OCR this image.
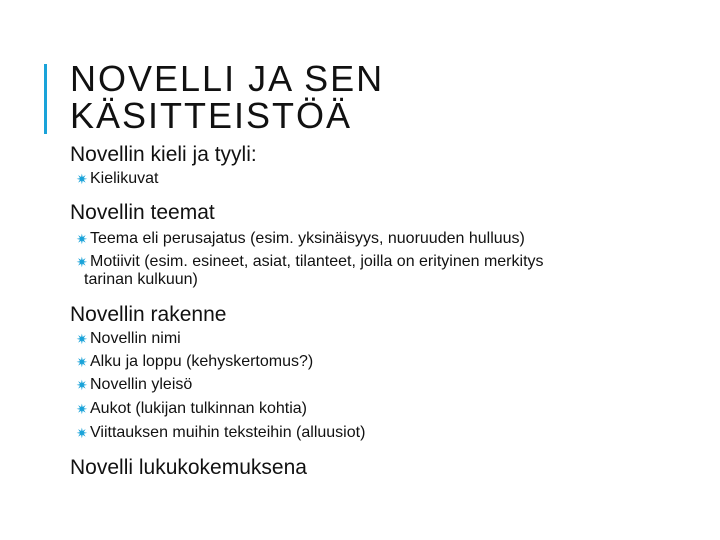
NOVELLI JA SEN
KÄSITTEISTÖÄ
Novellin kieli ja tyyli:
✷ Kielikuvat
Novellin teemat
✷ Teema eli perusajatus (esim. yksinäisyys, nuoruuden hulluus)
✷ Motiivit (esim. esineet, asiat, tilanteet, joilla on erityinen merkitys
tarinan kulkuun)
Novellin rakenne
✷ Novellin nimi
✷ Alku ja loppu (kehyskertomus?)
✷ Novellin yleisö
✷ Aukot (lukijan tulkinnan kohtia)
✷ Viittauksen muihin teksteihin (alluusiot)
Novelli lukukokemuksena
